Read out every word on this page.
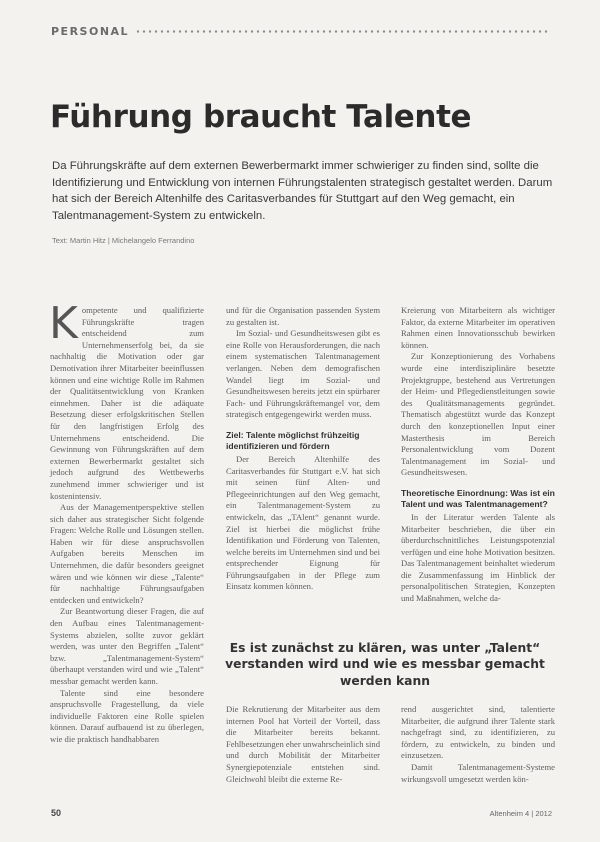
PERSONAL
Führung braucht Talente

Da Führungskräfte auf dem externen Bewerbermarkt immer schwieriger zu finden sind, sollte die Identifizierung und Entwicklung von internen Führungstalenten strategisch gestaltet werden. Darum hat sich der Bereich Altenhilfe des Caritasverbandes für Stuttgart auf den Weg gemacht, ein Talentmanagement-System zu entwickeln.

Text: Martin Hitz | Michelangelo Ferrandino

Kompetente und qualifizierte Führungskräfte tragen entscheidend zum Unternehmenserfolg bei, da sie nachhaltig die Motivation oder gar Demotivation ihrer Mitarbeiter beeinflussen können und eine wichtige Rolle im Rahmen der Qualitätsentwicklung von Kranken einnehmen. Daher ist die adäquate Besetzung dieser erfolgskritischen Stellen für den langfristigen Erfolg des Unternehmens entscheidend. Die Gewinnung von Führungskräften auf dem externen Bewerbermarkt gestaltet sich jedoch aufgrund des Wettbewerbs zunehmend immer schwieriger und ist kostenintensiv.

Aus der Managementperspektive stellen sich daher aus strategischer Sicht folgende Fragen: Welche Rolle und Lösungen stellen. Haben wir für diese anspruchsvollen Aufgaben bereits Menschen im Unternehmen, die dafür besonders geeignet wären und wie können wir diese „Talente“ für nachhaltige Führungsaufgaben entdecken und entwickeln?

Zur Beantwortung dieser Fragen, die auf den Aufbau eines Talentmanagement-Systems abzielen, sollte zuvor geklärt werden, was unter den Begriffen „Talent“ bzw. „Talentmanagement-System“ überhaupt verstanden wird und wie „Talent“ messbar gemacht werden kann.

Talente sind eine besondere anspruchsvolle Fragestellung, da viele individuelle Faktoren eine Rolle spielen können. Darauf aufbauend ist zu überlegen, wie die praktisch handhabbaren

und für die Organisation passenden System zu gestalten ist.

Im Sozial- und Gesundheitswesen gibt es eine Rolle von Herausforderungen, die nach einem systematischen Talentmanagement verlangen. Neben dem demografischen Wandel liegt im Sozial- und Gesundheitswesen bereits jetzt ein spürbarer Fach- und Führungskräftemangel vor, dem strategisch entgegengewirkt werden muss.

Ziel: Talente möglichst frühzeitig identifizieren und fördern

Der Bereich Altenhilfe des Caritasverbandes für Stuttgart e.V. hat sich mit seinen fünf Alten- und Pflegeeinrichtungen auf den Weg gemacht, ein Talentmanagement-System zu entwickeln, das „TAlent“ genannt wurde. Ziel ist hierbei die möglichst frühe Identifikation und Förderung von Talenten, welche bereits im Unternehmen sind und bei entsprechender Eignung für Führungsaufgaben in der Pflege zum Einsatz kommen können.

Kreierung von Mitarbeitern als wichtiger Faktor, da externe Mitarbeiter im operativen Rahmen einen Innovationsschub bewirken können.

Zur Konzeptionierung des Vorhabens wurde eine interdisziplinäre besetzte Projektgruppe, bestehend aus Vertretungen der Heim- und Pflegedienstleitungen sowie des Qualitätsmanagements gegründet. Thematisch abgestützt wurde das Konzept durch den konzeptionellen Input einer Masterthesis im Bereich Personalentwicklung vom Dozent Talentmanagement im Sozial- und Gesundheitswesen.

Theoretische Einordnung: Was ist ein Talent und was Talentmanagement?

In der Literatur werden Talente als Mitarbeiter beschrieben, die über ein überdurchschnittliches Leistungspotenzial verfügen und eine hohe Motivation besitzen. Das Talentmanagement beinhaltet wiederum die Zusammenfassung im Hinblick der personalpolitischen Strategien, Konzepten und Maßnahmen, welche da-

Es ist zunächst zu klären, was unter „Talent“ verstanden wird und wie es messbar gemacht werden kann

Die Rekrutierung der Mitarbeiter aus dem internen Pool hat Vorteil der Vorteil, dass die Mitarbeiter bereits bekannt. Fehlbesetzungen eher unwahrscheinlich sind und durch Mobilität der Mitarbeiter Synergiepotenziale entstehen sind. Gleichwohl bleibt die externe Re-

rend ausgerichtet sind, talentierte Mitarbeiter, die aufgrund ihrer Talente stark nachgefragt sind, zu identifizieren, zu fördern, zu entwickeln, zu binden und einzusetzen.

Damit Talentmanagement-Systeme wirkungsvoll umgesetzt werden kön-

50	Altenheim 4 | 2012
